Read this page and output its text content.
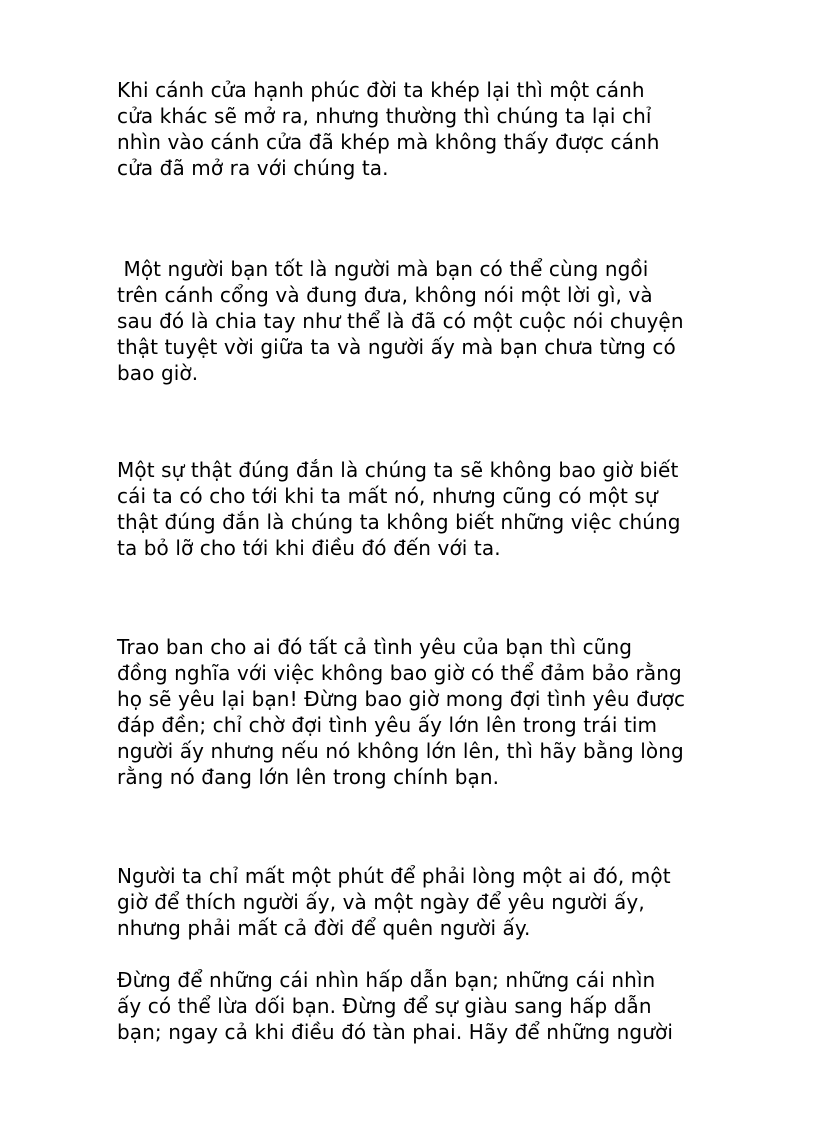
Khi cánh cửa hạnh phúc đời ta khép lại thì một cánh
cửa khác sẽ mở ra, nhưng thường thì chúng ta lại chỉ
nhìn vào cánh cửa đã khép mà không thấy được cánh
cửa đã mở ra với chúng ta.

Một người bạn tốt là người mà bạn có thể cùng ngồi
trên cánh cổng và đung đưa, không nói một lời gì, và
sau đó là chia tay như thể là đã có một cuộc nói chuyện
thật tuyệt vời giữa ta và người ấy mà bạn chưa từng có
bao giờ.

Một sự thật đúng đắn là chúng ta sẽ không bao giờ biết
cái ta có cho tới khi ta mất nó, nhưng cũng có một sự
thật đúng đắn là chúng ta không biết những việc chúng
ta bỏ lỡ cho tới khi điều đó đến với ta.

Trao ban cho ai đó tất cả tình yêu của bạn thì cũng
đồng nghĩa với việc không bao giờ có thể đảm bảo rằng
họ sẽ yêu lại bạn! Đừng bao giờ mong đợi tình yêu được
đáp đền; chỉ chờ đợi tình yêu ấy lớn lên trong trái tim
người ấy nhưng nếu nó không lớn lên, thì hãy bằng lòng
rằng nó đang lớn lên trong chính bạn.

Người ta chỉ mất một phút để phải lòng một ai đó, một
giờ để thích người ấy, và một ngày để yêu người ấy,
nhưng phải mất cả đời để quên người ấy.

Đừng để những cái nhìn hấp dẫn bạn; những cái nhìn
ấy có thể lừa dối bạn. Đừng để sự giàu sang hấp dẫn
bạn; ngay cả khi điều đó tàn phai. Hãy để những người
